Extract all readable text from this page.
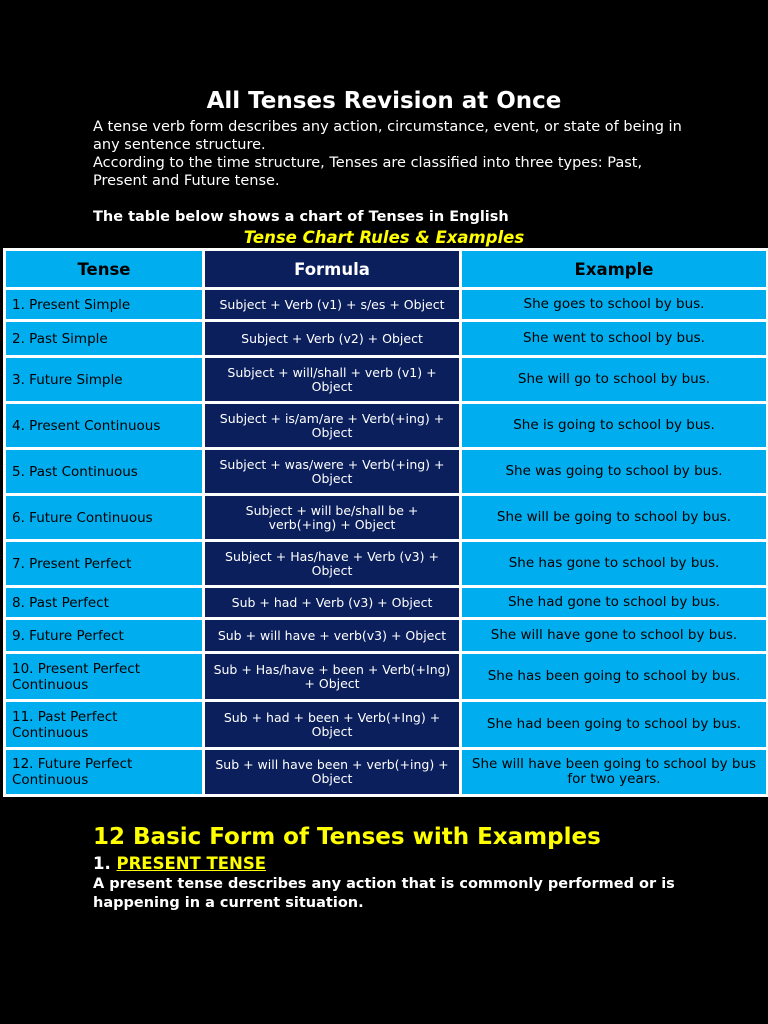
All Tenses Revision at Once

A tense verb form describes any action, circumstance, event, or state of being in any sentence structure.

According to the time structure, Tenses are classified into three types: Past, Present and Future tense.

The table below shows a chart of Tenses in English
Tense Chart Rules & Examples
Tense	Formula	Example
1. Present Simple	Subject + Verb (v1) + s/es + Object	She goes to school by bus.
2. Past Simple	Subject + Verb (v2) + Object	She went to school by bus.
3. Future Simple	Subject + will/shall + verb (v1) + Object	She will go to school by bus.
4. Present Continuous	Subject + is/am/are + Verb(+ing) + Object	She is going to school by bus.
5. Past Continuous	Subject + was/were + Verb(+ing) + Object	She was going to school by bus.
6. Future Continuous	Subject + will be/shall be + verb(+ing) + Object	She will be going to school by bus.
7. Present Perfect	Subject + Has/have + Verb (v3) + Object	She has gone to school by bus.
8. Past Perfect	Sub + had + Verb (v3) + Object	She had gone to school by bus.
9. Future Perfect	Sub + will have + verb(v3) + Object	She will have gone to school by bus.
10. Present Perfect Continuous	Sub + Has/have + been + Verb(+Ing) + Object	She has been going to school by bus.
11. Past Perfect Continuous	Sub + had + been + Verb(+Ing) + Object	She had been going to school by bus.
12. Future Perfect Continuous	Sub + will have been + verb(+ing) + Object	She will have been going to school by bus for two years.
12 Basic Form of Tenses with Examples
1. PRESENT TENSE
A present tense describes any action that is commonly performed or is happening in a current situation.
